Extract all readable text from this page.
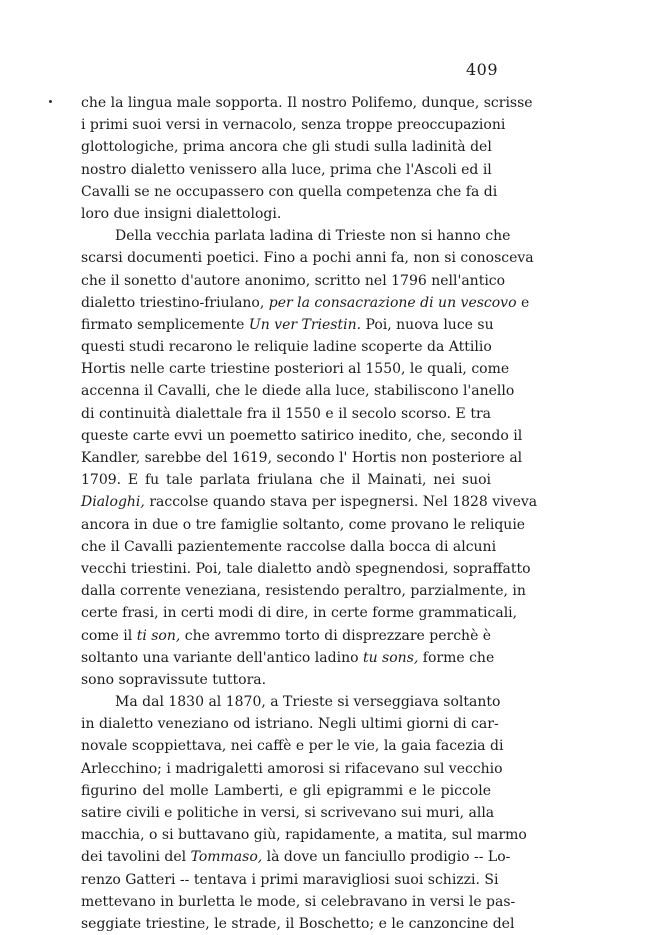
409
che la lingua male sopporta. Il nostro Polifemo, dunque, scrisse
i primi suoi versi in vernacolo, senza troppe preoccupazioni
glottologiche, prima ancora che gli studi sulla ladinità del
nostro dialetto venissero alla luce, prima che l'Ascoli ed il
Cavalli se ne occupassero con quella competenza che fa di
loro due insigni dialettologi.
Della vecchia parlata ladina di Trieste non si hanno che
scarsi documenti poetici. Fino a pochi anni fa, non si conosceva
che il sonetto d'autore anonimo, scritto nel 1796 nell'antico
dialetto triestino-friulano, per la consacrazione di un vescovo e
firmato semplicemente Un ver Triestin. Poi, nuova luce su
questi studi recarono le reliquie ladine scoperte da Attilio
Hortis nelle carte triestine posteriori al 1550, le quali, come
accenna il Cavalli, che le diede alla luce, stabiliscono l'anello
di continuità dialettale fra il 1550 e il secolo scorso. E tra
queste carte evvi un poemetto satirico inedito, che, secondo il
Kandler, sarebbe del 1619, secondo l' Hortis non posteriore al
1709. E fu tale parlata friulana che il Mainati, nei suoi
Dialoghi, raccolse quando stava per ispegnersi. Nel 1828 viveva
ancora in due o tre famiglie soltanto, come provano le reliquie
che il Cavalli pazientemente raccolse dalla bocca di alcuni
vecchi triestini. Poi, tale dialetto andò spegnendosi, sopraffatto
dalla corrente veneziana, resistendo peraltro, parzialmente, in
certe frasi, in certi modi di dire, in certe forme grammaticali,
come il ti son, che avremmo torto di disprezzare perchè è
soltanto una variante dell'antico ladino tu sons, forme che
sono sopravissute tuttora.
Ma dal 1830 al 1870, a Trieste si verseggiava soltanto
in dialetto veneziano od istriano. Negli ultimi giorni di car-
novale scoppiettava, nei caffè e per le vie, la gaia facezia di
Arlecchino; i madrigaletti amorosi si rifacevano sul vecchio
figurino del molle Lamberti, e gli epigrammi e le piccole
satire civili e politiche in versi, si scrivevano sui muri, alla
macchia, o si buttavano giù, rapidamente, a matita, sul marmo
dei tavolini del Tommaso, là dove un fanciullo prodigio -- Lo-
renzo Gatteri -- tentava i primi maravigliosi suoi schizzi. Si
mettevano in burletta le mode, si celebravano in versi le pas-
seggiate triestine, le strade, il Boschetto; e le canzoncine del
